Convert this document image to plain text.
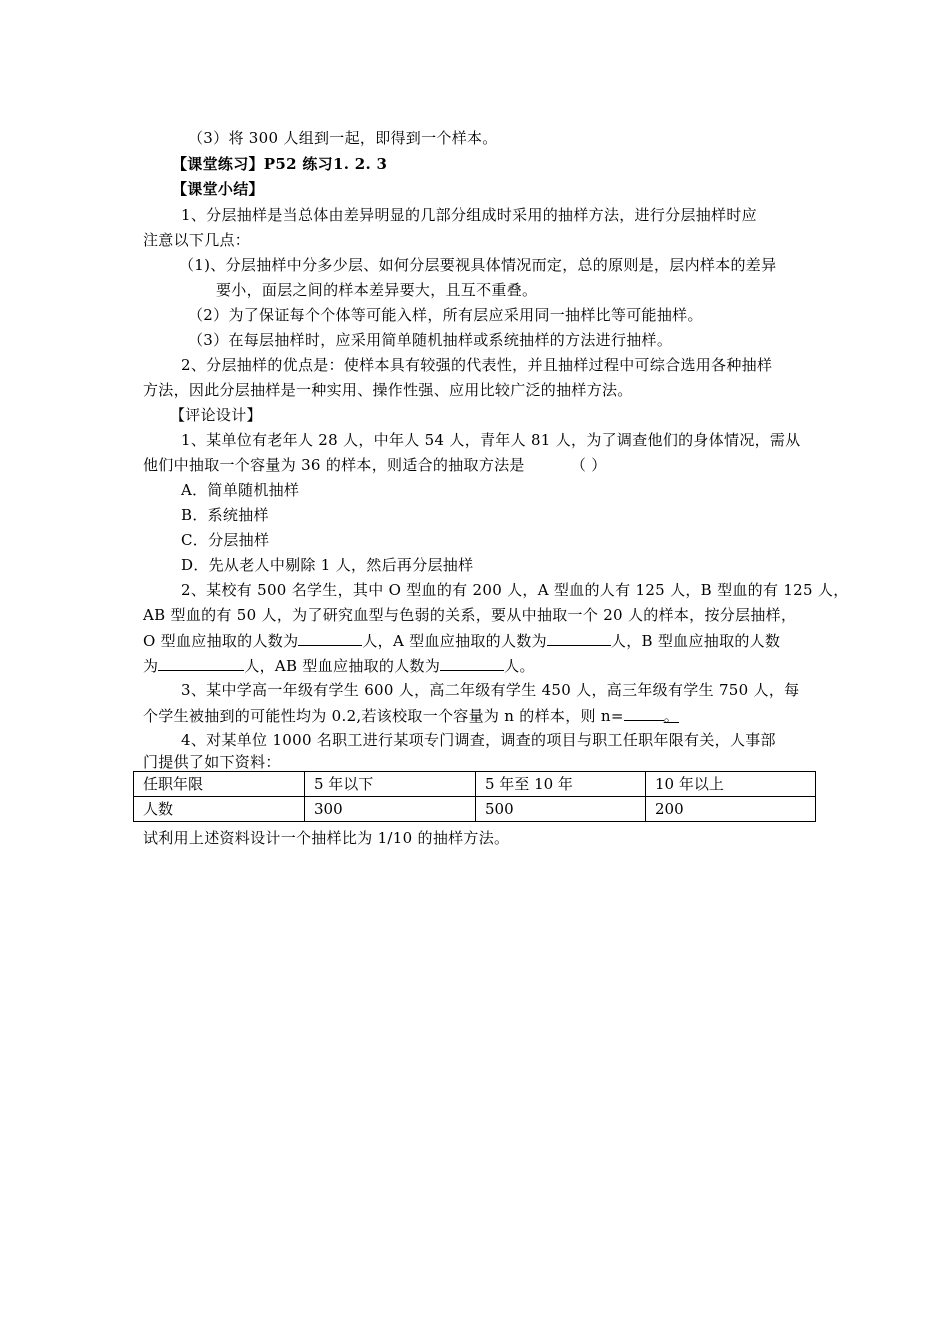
（3）将 300 人组到一起，即得到一个样本。
【课堂练习】P52 练习1. 2. 3
【课堂小结】
1、分层抽样是当总体由差异明显的几部分组成时采用的抽样方法，进行分层抽样时应
注意以下几点：
（1)、分层抽样中分多少层、如何分层要视具体情况而定，总的原则是，层内样本的差异
要小，面层之间的样本差异要大，且互不重叠。
（2）为了保证每个个体等可能入样，所有层应采用同一抽样比等可能抽样。
（3）在每层抽样时，应采用简单随机抽样或系统抽样的方法进行抽样。
2、分层抽样的优点是：使样本具有较强的代表性，并且抽样过程中可综合选用各种抽样
方法，因此分层抽样是一种实用、操作性强、应用比较广泛的抽样方法。
【评论设计】
1、某单位有老年人 28 人，中年人 54 人，青年人 81 人，为了调查他们的身体情况，需从
他们中抽取一个容量为 36 的样本，则适合的抽取方法是	（ ）
A．简单随机抽样
B．系统抽样
C．分层抽样
D．先从老人中剔除 1 人，然后再分层抽样
2、某校有 500 名学生，其中 O 型血的有 200 人，A 型血的人有 125 人，B 型血的有 125 人，
AB 型血的有 50 人，为了研究血型与色弱的关系，要从中抽取一个 20 人的样本，按分层抽样，
O 型血应抽取的人数为	人，A 型血应抽取的人数为	人，B 型血应抽取的人数
为	人，AB 型血应抽取的人数为	人。
3、某中学高一年级有学生 600 人，高二年级有学生 450 人，高三年级有学生 750 人，每
个学生被抽到的可能性均为 0.2,若该校取一个容量为 n 的样本，则 n=	。
4、对某单位 1000 名职工进行某项专门调查，调查的项目与职工任职年限有关，人事部
门提供了如下资料：
任职年限	5 年以下	5 年至 10 年	10 年以上
人数	300	500	200
试利用上述资料设计一个抽样比为 1/10 的抽样方法。
